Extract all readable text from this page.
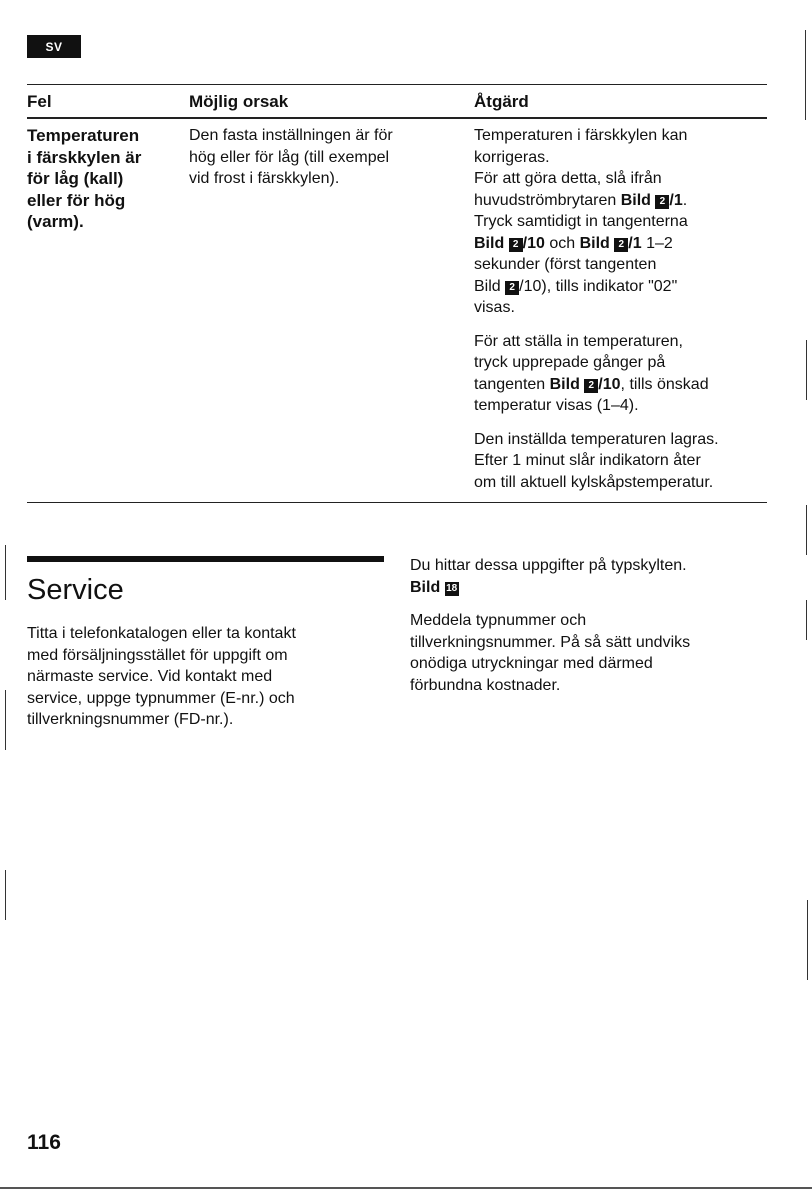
SV
Fel	Möjlig orsak	Åtgärd

Temperaturen

i färskkylen är

för låg (kall)

eller för hög

(varm).

Den fasta inställningen är för

hög eller för låg (till exempel

vid frost i färskkylen).

Temperaturen i färskkylen kan

korrigeras.

För att göra detta, slå ifrån

huvudströmbrytaren Bild 2 /1.

Tryck samtidigt in tangenterna

Bild 2 /10 och Bild 2 /1 1–2

sekunder (först tangenten

Bild 2 /10), tills indikator "02"

visas.

För att ställa in temperaturen,

tryck upprepade gånger på

tangenten Bild 2 /10, tills önskad

temperatur visas (1–4).

Den inställda temperaturen lagras.

Efter 1 minut slår indikatorn åter

om till aktuell kylskåpstemperatur.

Service

Titta i telefonkatalogen eller ta kontakt

med försäljningsstället för uppgift om

närmaste service. Vid kontakt med

service, uppge typnummer (E-nr.) och

tillverkningsnummer (FD-nr.).

Du hittar dessa uppgifter på typskylten.

Bild 18

Meddela typnummer och

tillverkningsnummer. På så sätt undviks

onödiga utryckningar med därmed

förbundna kostnader.

116
